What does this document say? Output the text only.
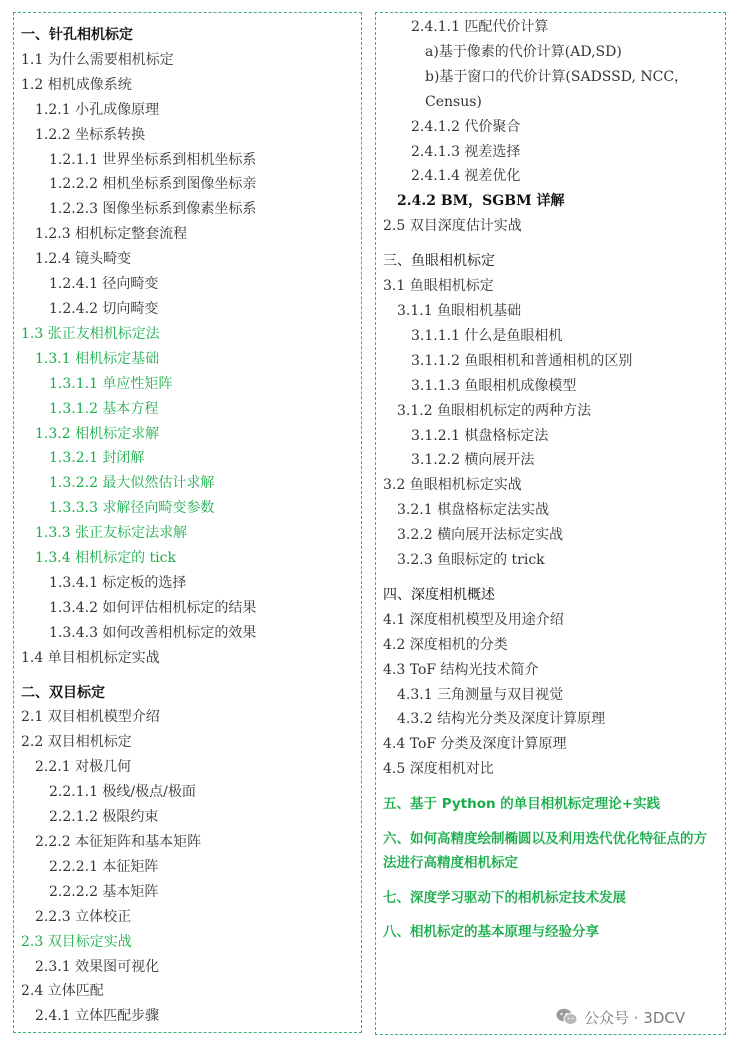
一、针孔相机标定
1.1 为什么需要相机标定
1.2 相机成像系统
1.2.1 小孔成像原理
1.2.2 坐标系转换
1.2.1.1 世界坐标系到相机坐标系
1.2.2.2 相机坐标系到图像坐标亲
1.2.2.3 图像坐标系到像素坐标系
1.2.3 相机标定整套流程
1.2.4 镜头畸变
1.2.4.1 径向畸变
1.2.4.2 切向畸变
1.3 张正友相机标定法
1.3.1 相机标定基础
1.3.1.1 单应性矩阵
1.3.1.2 基本方程
1.3.2 相机标定求解
1.3.2.1 封闭解
1.3.2.2 最大似然估计求解
1.3.3.3 求解径向畸变参数
1.3.3 张正友标定法求解
1.3.4 相机标定的 tick
1.3.4.1 标定板的选择
1.3.4.2 如何评估相机标定的结果
1.3.4.3 如何改善相机标定的效果
1.4 单目相机标定实战
二、双目标定
2.1 双目相机模型介绍
2.2 双目相机标定
2.2.1 对极几何
2.2.1.1 极线/极点/极面
2.2.1.2 极限约束
2.2.2 本征矩阵和基本矩阵
2.2.2.1 本征矩阵
2.2.2.2 基本矩阵
2.2.3 立体校正
2.3 双目标定实战
2.3.1 效果图可视化
2.4 立体匹配
2.4.1 立体匹配步骤
2.4.1.1 匹配代价计算
a)基于像素的代价计算(AD,SD)
b)基于窗口的代价计算(SADSSD, NCC，
Census)
2.4.1.2 代价聚合
2.4.1.3 视差选择
2.4.1.4 视差优化
2.4.2 BM，SGBM 详解
2.5 双目深度估计实战
三、鱼眼相机标定
3.1 鱼眼相机标定
3.1.1 鱼眼相机基础
3.1.1.1 什么是鱼眼相机
3.1.1.2 鱼眼相机和普通相机的区别
3.1.1.3 鱼眼相机成像模型
3.1.2 鱼眼相机标定的两种方法
3.1.2.1 棋盘格标定法
3.1.2.2 横向展开法
3.2 鱼眼相机标定实战
3.2.1 棋盘格标定法实战
3.2.2 横向展开法标定实战
3.2.3 鱼眼标定的 trick
四、深度相机概述
4.1 深度相机模型及用途介绍
4.2 深度相机的分类
4.3 ToF 结构光技术简介
4.3.1 三角测量与双目视觉
4.3.2 结构光分类及深度计算原理
4.4 ToF 分类及深度计算原理
4.5 深度相机对比
五、基于 Python 的单目相机标定理论+实践
六、如何高精度绘制椭圆以及利用迭代优化特征点的方法进行高精度相机标定
七、深度学习驱动下的相机标定技术发展
八、相机标定的基本原理与经验分享
公众号 · 3DCV
